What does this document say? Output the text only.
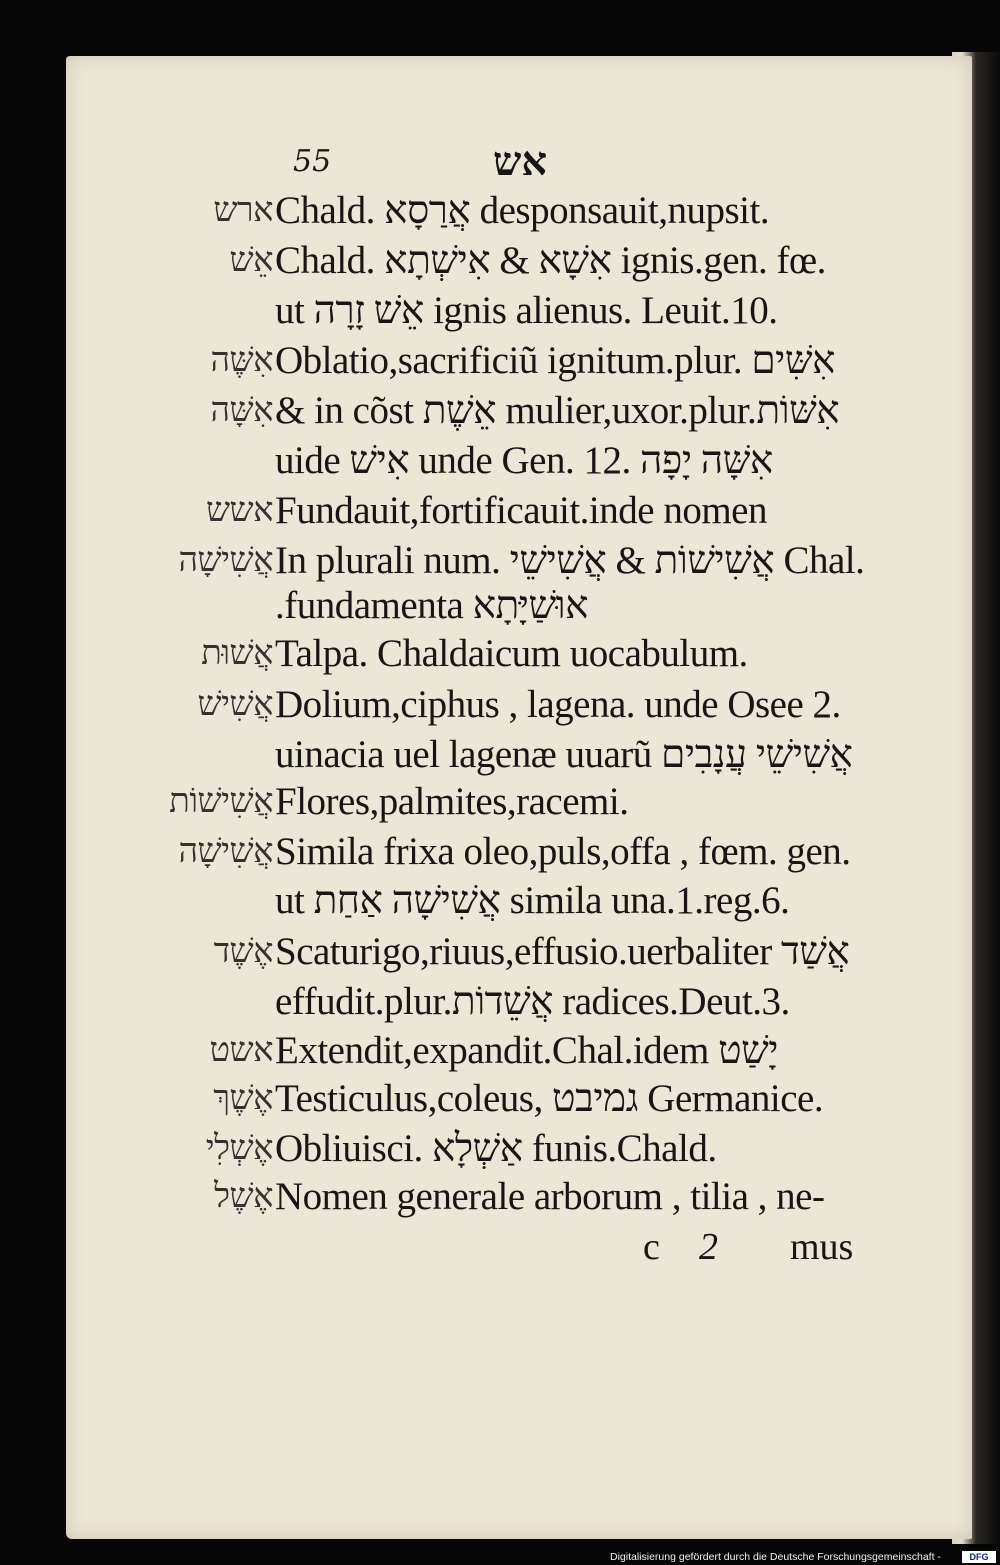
55	אש
ארש Chald. אֲרַסָא desponsauit,nupsit.
אֵשׁ Chald. אִשָׁא & אִישְׁתָא ignis.gen. fœ.
ut אֵשׁ זָרָה ignis alienus. Leuit.10.
אִשֶּׁה Oblatio,sacrificiũ ignitum.plur. אִשִּׁים
אִשָּׁה & in cõst אֵשֶׁת mulier,uxor.plur.אִשּׁוֹת
uide אִישׁ unde Gen. 12. אִשָּׁה יָפָה
אשש Fundauit,fortificauit.inde nomen
אֲשִׁישָׁה In plurali num. אֲשִׁישׁוֹת & אֲשִׁישֵׁי Chal.
אוּשַׁיָּתָא fundamenta.
אֲשׁוּת Talpa. Chaldaicum uocabulum.
אֲשִׁישׁ Dolium,ciphus , lagena. unde Osee 2.
אֲשִׁישֵׁי עֲנָבִים uinacia uel lagenæ uuarũ
אֲשִׁישׁוֹת Flores,palmites,racemi.
אֲשִׁישָׁה Simila frixa oleo,puls,offa , fœm. gen.
ut אֲשִׁישָׁה אַחַת simila una.1.reg.6.
אֶשֶׁד Scaturigo,riuus,effusio.uerbaliter אֲשַׁד
effudit.plur.אֲשֵׁדוֹת radices.Deut.3.
אשט Extendit,expandit.Chal.idem יָשַׁט
אֶשֶׁךְ Testiculus,coleus, גמיבט Germanice.
אֶשְׁלִי Obliuisci. אַשְׁלָא funis.Chald.
אֶשֶׁל Nomen generale arborum , tilia , ne-
c 2 mus
Digitalisierung gefördert durch die Deutsche Forschungsgemeinschaft -	DFG
